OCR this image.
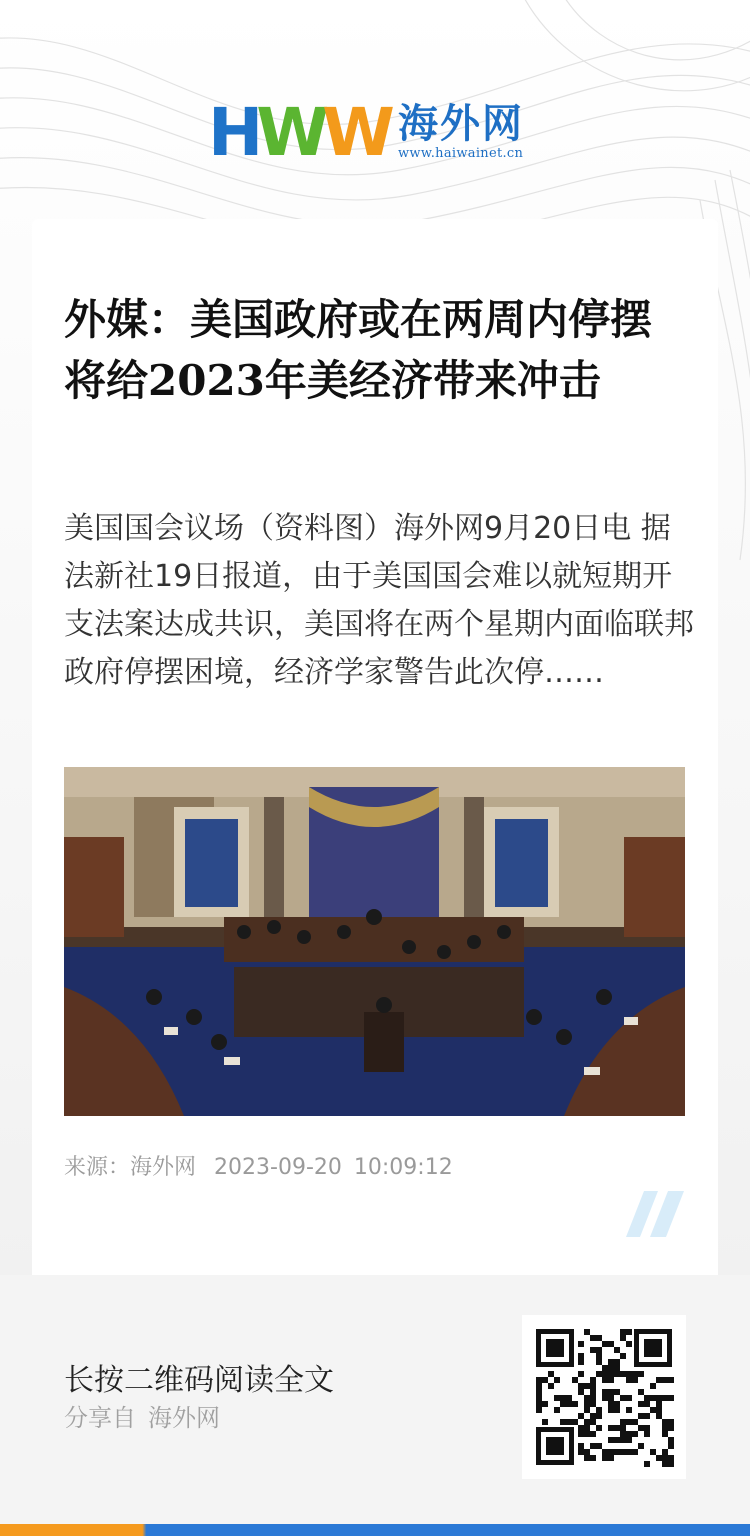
HWW 海外网
www.haiwainet.cn
外媒：美国政府或在两周内停摆 将给2023年美经济带来冲击

美国国会议场（资料图）海外网9月20日电 据法新社19日报道，由于美国国会难以就短期开支法案达成共识，美国将在两个星期内面临联邦政府停摆困境，经济学家警告此次停……

来源：海外网 2023-09-20 10:09:12
长按二维码阅读全文
分享自 海外网
